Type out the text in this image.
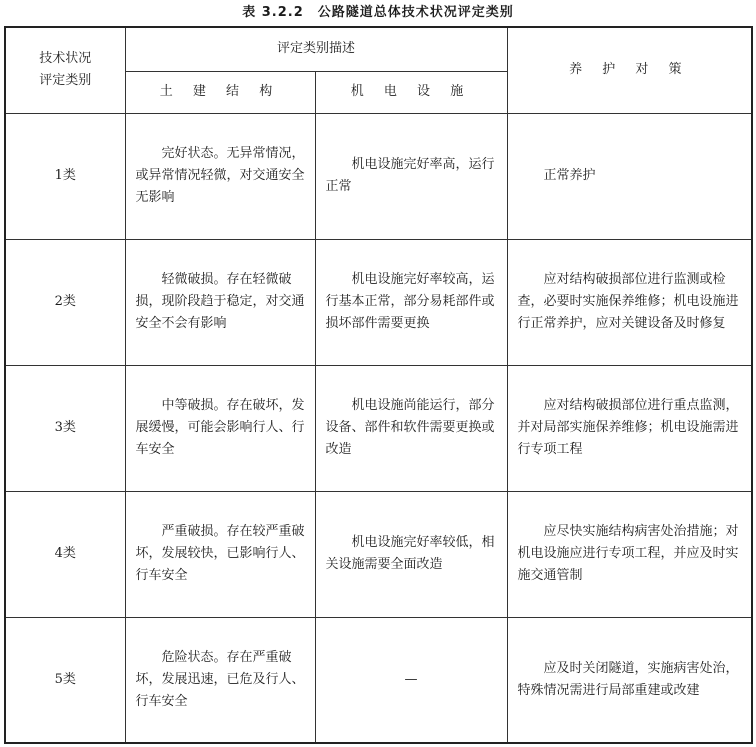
表 3.2.2　公路隧道总体技术状况评定类别
技术状况
评定类别	评定类别描述		养 护 对 策
	土 建 结 构	机 电 设 施	
1类	完好状态。无异常情况，或异常情况轻微，对交通安全无影响	机电设施完好率高，运行正常	正常养护
2类	轻微破损。存在轻微破损，现阶段趋于稳定，对交通安全不会有影响	机电设施完好率较高，运行基本正常，部分易耗部件或损坏部件需要更换	应对结构破损部位进行监测或检查，必要时实施保养维修；机电设施进行正常养护，应对关键设备及时修复
3类	中等破损。存在破坏，发展缓慢，可能会影响行人、行车安全	机电设施尚能运行，部分设备、部件和软件需要更换或改造	应对结构破损部位进行重点监测，并对局部实施保养维修；机电设施需进行专项工程
4类	严重破损。存在较严重破坏，发展较快，已影响行人、行车安全	机电设施完好率较低，相关设施需要全面改造	应尽快实施结构病害处治措施；对机电设施应进行专项工程，并应及时实施交通管制
5类	危险状态。存在严重破坏，发展迅速，已危及行人、行车安全	—	应及时关闭隧道，实施病害处治，特殊情况需进行局部重建或改建
